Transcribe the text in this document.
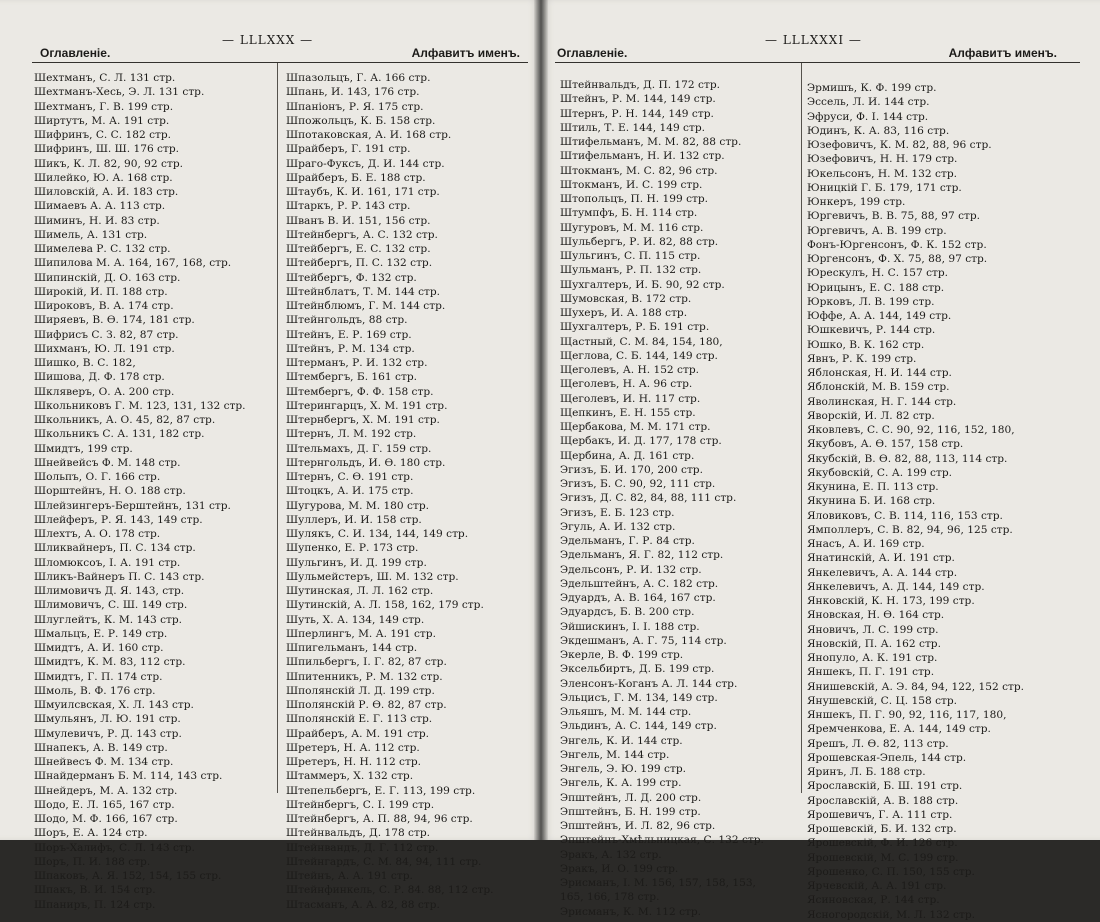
— LLLXXX —
Оглавленіе.	Алфавитъ именъ.
Шехтманъ, С. Л. 131 стр.
Шехтманъ-Хесь, Э. Л. 131 стр.
Шехтманъ, Г. В. 199 стр.
Ширтутъ, М. А. 191 стр.
Шифринъ, С. С. 182 стр.
Шифринъ, Ш. Ш. 176 стр.
Шикъ, К. Л. 82, 90, 92 стр.
Шилейко, Ю. А. 168 стр.
Шиловскій, А. И. 183 стр.
Шимаевъ А. А. 113 стр.
Шиминъ, Н. И. 83 стр.
Шимель, А. 131 стр.
Шимелева Р. С. 132 стр.
Шипилова М. А. 164, 167, 168, стр.
Шипинскій, Д. О. 163 стр.
Широкій, И. П. 188 стр.
Широковъ, В. А. 174 стр.
Ширяевъ, В. Ө. 174, 181 стр.
Шифрисъ С. З. 82, 87 стр.
Шихманъ, Ю. Л. 191 стр.
Шишко, В. С. 182,
Шишова, Д. Ф. 178 стр.
Шкляверъ, О. А. 200 стр.
Школьниковъ Г. М. 123, 131, 132 стр.
Школьникъ, А. О. 45, 82, 87 стр.
Школьникъ С. А. 131, 182 стр.
Шмидтъ, 199 стр.
Шнейвейсъ Ф. М. 148 стр.
Шольпъ, О. Г. 166 стр.
Шорштейнъ, Н. О. 188 стр.
Шлейзингеръ-Берштейнъ, 131 стр.
Шлейферъ, Р. Я. 143, 149 стр.
Шлехтъ, А. О. 178 стр.
Шликвайнеръ, П. С. 134 стр.
Шломюксоъ, І. А. 191 стр.
Шликъ-Вайнеръ П. С. 143 стр.
Шлимовичъ Д. Я. 143, стр.
Шлимовичъ, С. Ш. 149 стр.
Шлуглейтъ, К. М. 143 стр.
Шмальцъ, Е. Р. 149 стр.
Шмидтъ, А. И. 160 стр.
Шмидтъ, К. М. 83, 112 стр.
Шмидтъ, Г. П. 174 стр.
Шмоль, В. Ф. 176 стр.
Шмуилсвская, Х. Л. 143 стр.
Шмульянъ, Л. Ю. 191 стр.
Шмулевичъ, Р. Д. 143 стр.
Шнапекъ, А. В. 149 стр.
Шнейвесъ Ф. М. 134 стр.
Шнайдерманъ Б. М. 114, 143 стр.
Шнейдеръ, М. А. 132 стр.
Шодо, Е. Л. 165, 167 стр.
Шодо, М. Ф. 166, 167 стр.
Шоръ, Е. А. 124 стр.
Шоръ-Халифъ, С. Л. 143 стр.
Шоръ, П. И. 188 стр.
Шпаковъ, А. Я. 152, 154, 155 стр.
Шпакъ, В. И. 154 стр.
Шпаниръ, П. 124 стр.
Шпазольцъ, Г. А. 166 стр.
Шпань, И. 143, 176 стр.
Шпаніонъ, Р. Я. 175 стр.
Шпожольцъ, К. Б. 158 стр.
Шпотаковская, А. И. 168 стр.
Шрайберъ, Г. 191 стр.
Шраго-Фуксъ, Д. И. 144 стр.
Шрайберъ, Б. Е. 188 стр.
Штаубъ, К. И. 161, 171 стр.
Штаркъ, Р. Р. 143 стр.
Шванъ В. И. 151, 156 стр.
Штейнбергъ, А. С. 132 стр.
Штейбергъ, Е. С. 132 стр.
Штейбергъ, П. С. 132 стр.
Штейбергъ, Ф. 132 стр.
Штейнблатъ, Т. М. 144 стр.
Штейнблюмъ, Г. М. 144 стр.
Штейнгольдъ, 88 стр.
Штейнъ, Е. Р. 169 стр.
Штейнъ, Р. М. 134 стр.
Штерманъ, Р. И. 132 стр.
Штембергъ, Б. 161 стр.
Штембергъ, Ф. Ф. 158 стр.
Штерингарцъ, Х. М. 191 стр.
Штернбергъ, Х. М. 191 стр.
Штернъ, Л. М. 192 стр.
Штельмахъ, Д. Г. 159 стр.
Штернгольдъ, И. Ө. 180 стр.
Штернъ, С. Ө. 191 стр.
Штоцкъ, А. И. 175 стр.
Шугурова, М. М. 180 стр.
Шуллеръ, И. И. 158 стр.
Шулякъ, С. И. 134, 144, 149 стр.
Шупенко, Е. Р. 173 стр.
Шульгинъ, И. Д. 199 стр.
Шульмейстеръ, Ш. М. 132 стр.
Шутинская, Л. Л. 162 стр.
Шутинскій, А. Л. 158, 162, 179 стр.
Шуть, Х. А. 134, 149 стр.
Шперлингъ, М. А. 191 стр.
Шпигельманъ, 144 стр.
Шпильбергъ, І. Г. 82, 87 стр.
Шпитенникъ, Р. М. 132 стр.
Шполянскій Л. Д. 199 стр.
Шполянскій Р. Ө. 82, 87 стр.
Шполянскій Е. Г. 113 стр.
Шрайберъ, А. М. 191 стр.
Шретеръ, Н. А. 112 стр.
Шретеръ, Н. Н. 112 стр.
Штаммеръ, Х. 132 стр.
Штепельбергъ, Е. Г. 113, 199 стр.
Штейнбергъ, С. І. 199 стр.
Штейнбергъ, А. П. 88, 94, 96 стр.
Штейнвальдъ, Д. 178 стр.
Штейнвандъ, Д. Г. 112 стр.
Штейнгардъ, С. М. 84, 94, 111 стр.
Штейнъ, А. А. 191 стр.
Штейнфинкель, С. Р. 84. 88, 112 стр.
Штасманъ, А. А. 82, 88 стр.
— LLLXXXI —
Оглавленіе.	Алфавитъ именъ.
Штейнвальдъ, Д. П. 172 стр.
Штейнъ, Р. М. 144, 149 стр.
Штернъ, Р. Н. 144, 149 стр.
Штиль, Т. Е. 144, 149 стр.
Штифельманъ, М. М. 82, 88 стр.
Штифельманъ, Н. И. 132 стр.
Штокманъ, М. С. 82, 96 стр.
Штокманъ, И. С. 199 стр.
Штопольцъ, П. Н. 199 стр.
Штумпфъ, Б. Н. 114 стр.
Шугуровъ, М. М. 116 стр.
Шульбергъ, Р. И. 82, 88 стр.
Шульгинъ, С. П. 115 стр.
Шульманъ, Р. П. 132 стр.
Шухгалтеръ, И. Б. 90, 92 стр.
Шумовская, В. 172 стр.
Шухеръ, И. А. 188 стр.
Шухгалтеръ, Р. Б. 191 стр.
Щастный, С. М. 84, 154, 180,
Щеглова, С. Б. 144, 149 стр.
Щеголевъ, А. Н. 152 стр.
Щеголевъ, Н. А. 96 стр.
Щеголевъ, И. Н. 117 стр.
Щепкинъ, Е. Н. 155 стр.
Щербакова, М. М. 171 стр.
Щербакъ, И. Д. 177, 178 стр.
Щербина, А. Д. 161 стр.
Эгизъ, Б. И. 170, 200 стр.
Эгизъ, Б. С. 90, 92, 111 стр.
Эгизъ, Д. С. 82, 84, 88, 111 стр.
Эгизъ, Е. Б. 123 стр.
Эгуль, А. И. 132 стр.
Эдельманъ, Г. Р. 84 стр.
Эдельманъ, Я. Г. 82, 112 стр.
Эдельсонъ, Р. И. 132 стр.
Эдельштейнъ, А. С. 182 стр.
Эдуардъ, А. В. 164, 167 стр.
Эдуардсъ, Б. В. 200 стр.
Эйшискинъ, І. І. 188 стр.
Экдешманъ, А. Г. 75, 114 стр.
Экерле, В. Ф. 199 стр.
Эксельбиртъ, Д. Б. 199 стр.
Эленсонъ-Коганъ А. Л. 144 стр.
Эльцисъ, Г. М. 134, 149 стр.
Эльяшъ, М. М. 144 стр.
Эльдинъ, А. С. 144, 149 стр.
Энгель, К. И. 144 стр.
Энгель, М. 144 стр.
Энгель, Э. Ю. 199 стр.
Энгель, К. А. 199 стр.
Эпштейнъ, Л. Д. 200 стр.
Эпштейнъ, Б. Н. 199 стр.
Эпштейнъ, И. Л. 82, 96 стр.
Эпштейнъ-Хмѣльницкая, С. 132 стр.
Эракъ, А. 132 стр.
Эракъ, И. О. 199 стр.
Эрисманъ, І. М. 156, 157, 158, 153,
165, 166, 178 стр.
Эрисманъ, К. М. 112 стр.
Эрмишъ, К. Ф. 199 стр.
Эссель, Л. И. 144 стр.
Эфруси, Ф. І. 144 стр.
Юдинъ, К. А. 83, 116 стр.
Юзефовичъ, К. М. 82, 88, 96 стр.
Юзефовичъ, Н. Н. 179 стр.
Юкельсонъ, Н. М. 132 стр.
Юницкій Г. Б. 179, 171 стр.
Юнкеръ, 199 стр.
Юргевичъ, В. В. 75, 88, 97 стр.
Юргевичъ, А. В. 199 стр.
Фонъ-Юргенсонъ, Ф. К. 152 стр.
Юргенсонъ, Ф. Х. 75, 88, 97 стр.
Юрескулъ, Н. С. 157 стр.
Юрицынъ, Е. С. 188 стр.
Юрковъ, Л. В. 199 стр.
Юффе, А. А. 144, 149 стр.
Юшкевичъ, Р. 144 стр.
Юшко, В. К. 162 стр.
Явнъ, Р. К. 199 стр.
Яблонская, Н. И. 144 стр.
Яблонскій, М. В. 159 стр.
Яволинская, Н. Г. 144 стр.
Яворскій, И. Л. 82 стр.
Яковлевъ, С. С. 90, 92, 116, 152, 180,
Якубовъ, А. Ө. 157, 158 стр.
Якубскій, В. Ө. 82, 88, 113, 114 стр.
Якубовскій, С. А. 199 стр.
Якунина, Е. П. 113 стр.
Якунина Б. И. 168 стр.
Яловиковъ, С. В. 114, 116, 153 стр.
Ямполлеръ, С. В. 82, 94, 96, 125 стр.
Янасъ, А. И. 169 стр.
Янатинскій, А. И. 191 стр.
Янкелевичъ, А. А. 144 стр.
Янкелевичъ, А. Д. 144, 149 стр.
Янковскій, К. Н. 173, 199 стр.
Яновская, Н. Ө. 164 стр.
Яновичъ, Л. С. 199 стр.
Яновскій, П. А. 162 стр.
Янопуло, А. К. 191 стр.
Яншекъ, П. Г. 191 стр.
Янишевскій, А. Э. 84, 94, 122, 152 стр.
Янушевскій, С. Ц. 158 стр.
Яншекъ, П. Г. 90, 92, 116, 117, 180,
Яремченкова, Е. А. 144, 149 стр.
Ярешъ, Л. Ө. 82, 113 стр.
Ярошевская-Эпель, 144 стр.
Яринъ, Л. Б. 188 стр.
Ярославскій, Б. Ш. 191 стр.
Ярославскій, А. В. 188 стр.
Ярошевичъ, Г. А. 111 стр.
Ярошевскій, Б. И. 132 стр.
Ярошевскій, Ф. И. 126 стр.
Ярошевскій, М. С. 199 стр.
Ярошенко, С. П. 150, 155 стр.
Ярчевскій, А. А. 191 стр.
Ясиновская, Р. 144 стр.
Ясногородскій, М. Л. 132 стр.
